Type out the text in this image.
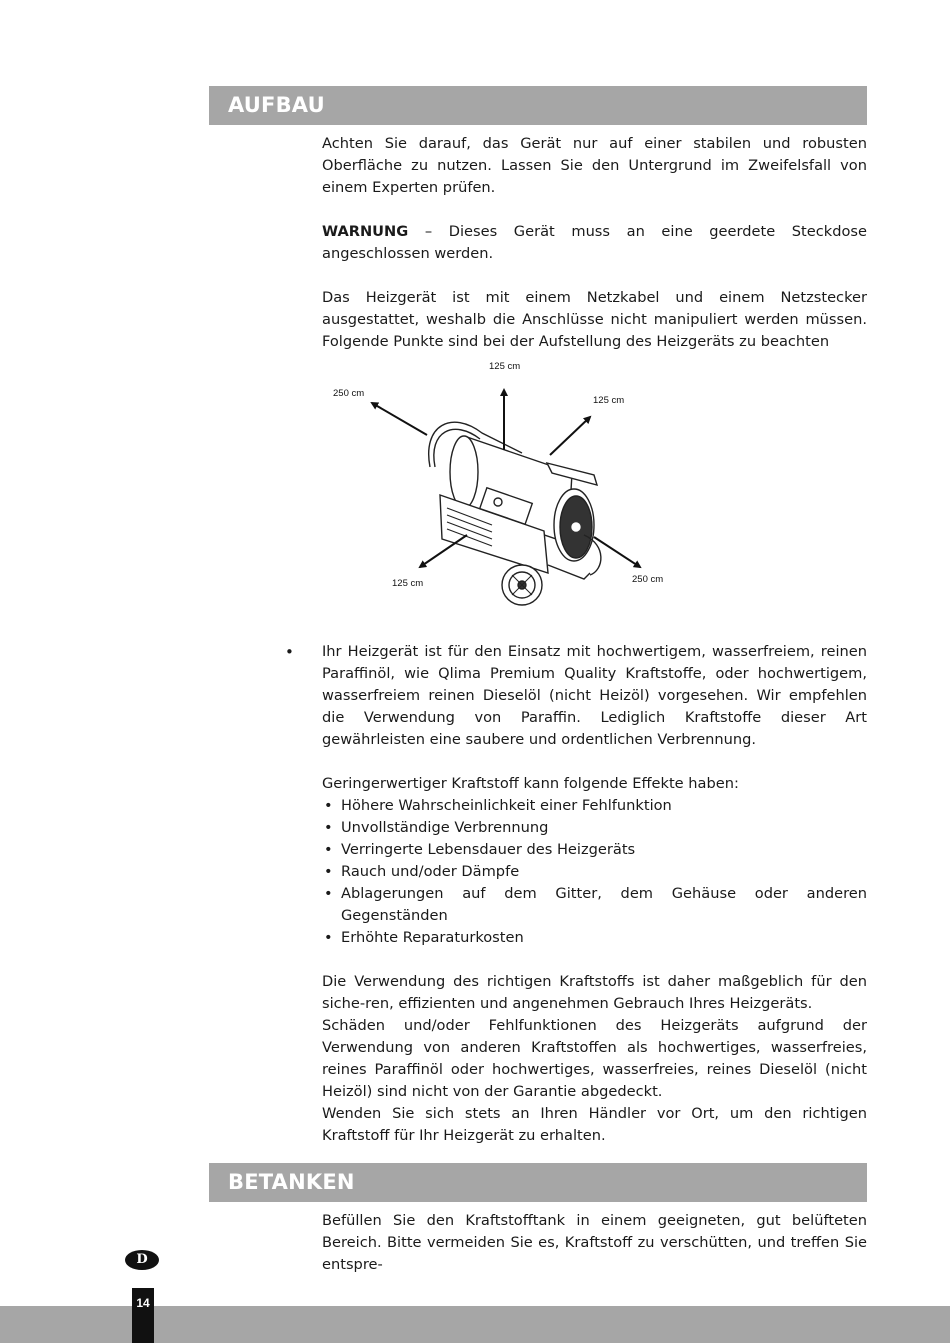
AUFBAU

Achten Sie darauf, das Gerät nur auf einer stabilen und robusten Oberfläche zu nutzen. Lassen Sie den Untergrund im Zweifelsfall von einem Experten prüfen.

WARNUNG – Dieses Gerät muss an eine geerdete Steckdose angeschlossen werden.

Das Heizgerät ist mit einem Netzkabel und einem Netzstecker ausgestattet, weshalb die Anschlüsse nicht manipuliert werden müssen. Folgende Punkte sind bei der Aufstellung des Heizgeräts zu beachten

125 cm
250 cm
125 cm
125 cm	250 cm
• Ihr Heizgerät ist für den Einsatz mit hochwertigem, wasserfreiem, reinen Paraffinöl, wie Qlima Premium Quality Kraftstoffe, oder hochwertigem, wasserfreiem reinen Dieselöl (nicht Heizöl) vorgesehen. Wir empfehlen die Verwendung von Paraffin. Lediglich Kraftstoffe dieser Art gewährleisten eine saubere und ordentlichen Verbrennung.

Geringerwertiger Kraftstoff kann folgende Effekte haben:

• Höhere Wahrscheinlichkeit einer Fehlfunktion
• Unvollständige Verbrennung
• Verringerte Lebensdauer des Heizgeräts
• Rauch und/oder Dämpfe
• Ablagerungen auf dem Gitter, dem Gehäuse oder anderen Gegenständen
• Erhöhte Reparaturkosten

Die Verwendung des richtigen Kraftstoffs ist daher maßgeblich für den siche-ren, effizienten und angenehmen Gebrauch Ihres Heizgeräts.

Schäden und/oder Fehlfunktionen des Heizgeräts aufgrund der Verwendung von anderen Kraftstoffen als hochwertiges, wasserfreies, reines Paraffinöl oder hochwertiges, wasserfreies, reines Dieselöl (nicht Heizöl) sind nicht von der Garantie abgedeckt.

Wenden Sie sich stets an Ihren Händler vor Ort, um den richtigen Kraftstoff für Ihr Heizgerät zu erhalten.

BETANKEN

Befüllen Sie den Kraftstofftank in einem geeigneten, gut belüfteten Bereich. Bitte vermeiden Sie es, Kraftstoff zu verschütten, und treffen Sie entspre-

D
14
